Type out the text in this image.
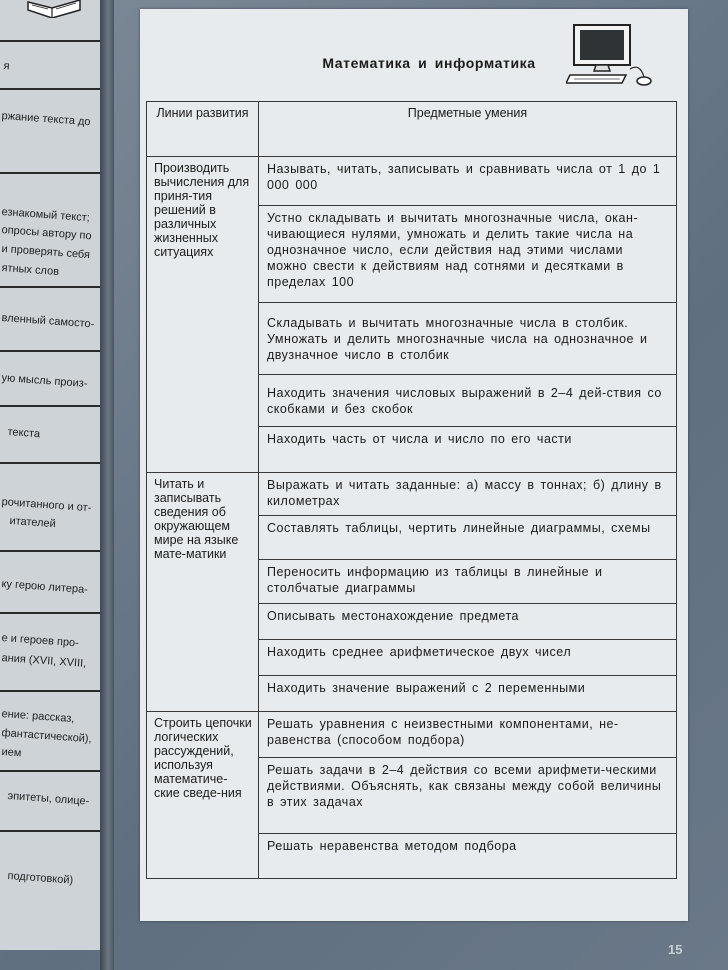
я
ржание текста до
езнакомый текст;
опросы автору по
и проверять себя
ятных слов
вленный самосто-
ую мысль произ-
текста
рочитанного и от-
итателей
ку герою литера-
е и героев про-
ания (XVII, XVIII,
ение: рассказ,
фантастической),
ием
эпитеты, олице-
подготовкой)
Математика и информатика
Линии развития	Предметные умения
Производить вычисления для приня-тия решений в различных жизненных ситуациях	Называть, читать, записывать и сравнивать числа от 1 до 1 000 000
	Устно складывать и вычитать многозначные числа, окан-чивающиеся нулями, умножать и делить такие числа на однозначное число, если действия над этими числами можно свести к действиям над сотнями и десятками в пределах 100
	Складывать и вычитать многозначные числа в столбик. Умножать и делить многозначные числа на однозначное и двузначное число в столбик
	Находить значения числовых выражений в 2–4 дей-ствия со скобками и без скобок
	Находить часть от числа и число по его части
Читать и записывать сведения об окружающем мире на языке мате-матики	Выражать и читать заданные: а) массу в тоннах; б) длину в километрах
	Составлять таблицы, чертить линейные диаграммы, схемы
	Переносить информацию из таблицы в линейные и столбчатые диаграммы
	Описывать местонахождение предмета
	Находить среднее арифметическое двух чисел
	Находить значение выражений с 2 переменными
Строить цепочки логических рассуждений, используя математиче-ские сведе-ния	Решать уравнения с неизвестными компонентами, не-равенства (способом подбора)
	Решать задачи в 2–4 действия со всеми арифмети-ческими действиями. Объяснять, как связаны между собой величины в этих задачах
	Решать неравенства методом подбора
15
